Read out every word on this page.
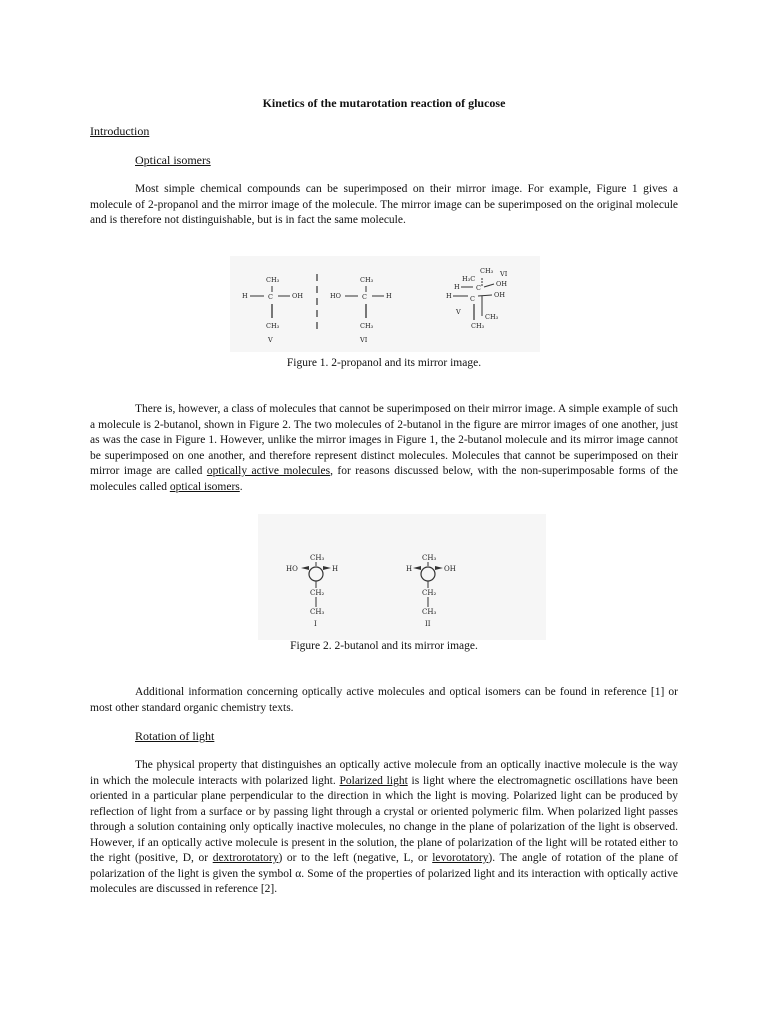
Kinetics of the mutarotation reaction of glucose
Introduction
Optical isomers

Most simple chemical compounds can be superimposed on their mirror image. For example, Figure 1 gives a molecule of 2-propanol and the mirror image of the molecule. The mirror image can be superimposed on the original molecule and is therefore not distinguishable, but is in fact the same molecule.

CH₃
H	C	OH
CH₃
V
CH₃
HO	C	H
CH₃
VI
CH₃ VI
H₃C
H	C OH
H	C	OH
V
CH₃
CH₃
Figure 1. 2-propanol and its mirror image.

There is, however, a class of molecules that cannot be superimposed on their mirror image. A simple example of such a molecule is 2-butanol, shown in Figure 2. The two molecules of 2-butanol in the figure are mirror images of one another, just as was the case in Figure 1. However, unlike the mirror images in Figure 1, the 2-butanol molecule and its mirror image cannot be superimposed on one another, and therefore represent distinct molecules. Molecules that cannot be superimposed on their mirror image are called optically active molecules, for reasons discussed below, with the non-superimposable forms of the molecules called optical isomers.

CH₃
HO	H
CH₂
CH₃
I
CH₃
H	OH
CH₂
CH₃
II
Figure 2. 2-butanol and its mirror image.

Additional information concerning optically active molecules and optical isomers can be found in reference [1] or most other standard organic chemistry texts.

Rotation of light

The physical property that distinguishes an optically active molecule from an optically inactive molecule is the way in which the molecule interacts with polarized light. Polarized light is light where the electromagnetic oscillations have been oriented in a particular plane perpendicular to the direction in which the light is moving. Polarized light can be produced by reflection of light from a surface or by passing light through a crystal or oriented polymeric film. When polarized light passes through a solution containing only optically inactive molecules, no change in the plane of polarization of the light is observed. However, if an optically active molecule is present in the solution, the plane of polarization of the light will be rotated either to the right (positive, D, or dextrorotatory) or to the left (negative, L, or levorotatory). The angle of rotation of the plane of polarization of the light is given the symbol α. Some of the properties of polarized light and its interaction with optically active molecules are discussed in reference [2].
